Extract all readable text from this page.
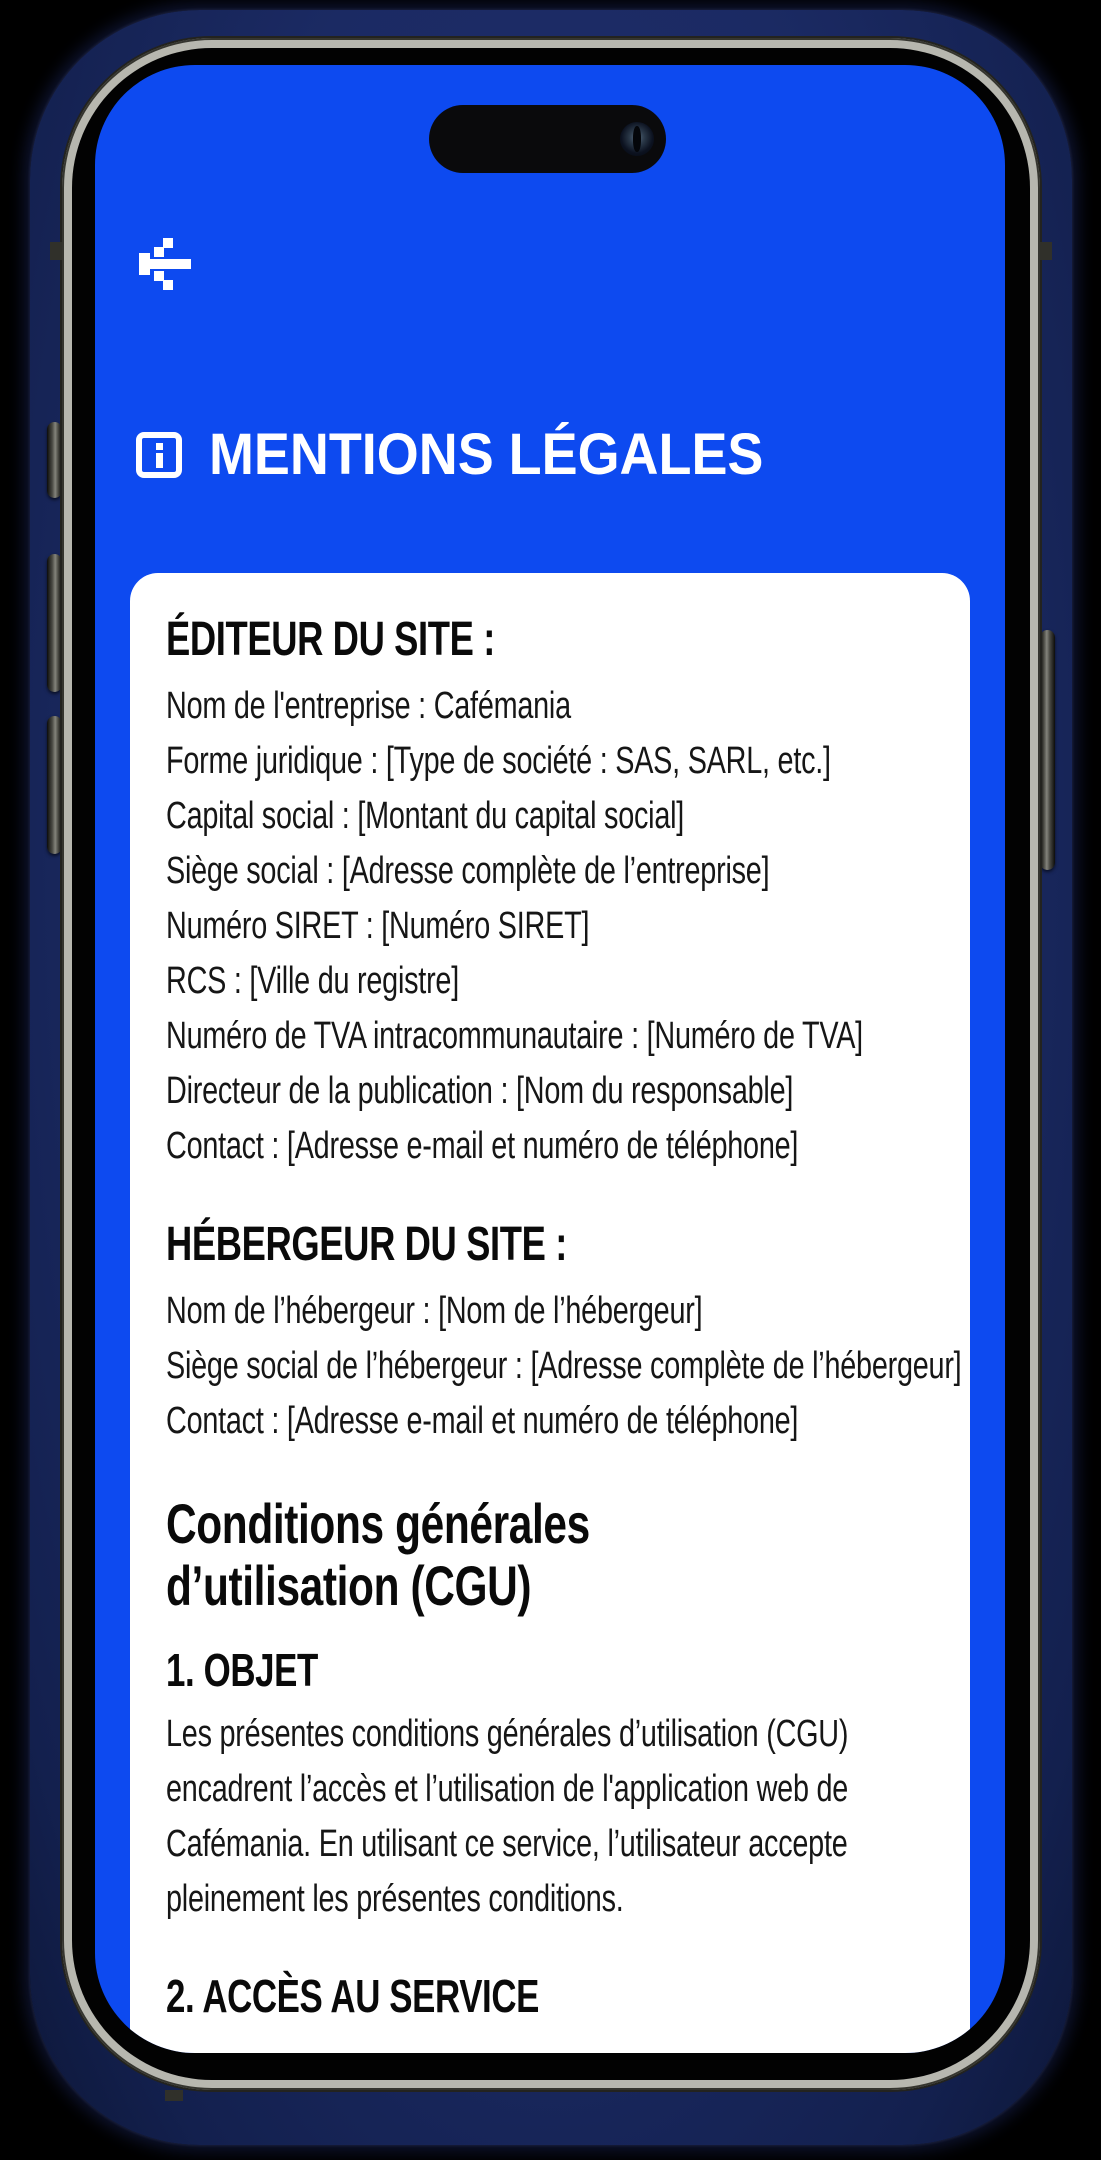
MENTIONS LÉGALES
ÉDITEUR DU SITE :

Nom de l'entreprise : Cafémania

Forme juridique : [Type de société : SAS, SARL, etc.]

Capital social : [Montant du capital social]

Siège social : [Adresse complète de l’entreprise]

Numéro SIRET : [Numéro SIRET]

RCS : [Ville du registre]

Numéro de TVA intracommunautaire : [Numéro de TVA]

Directeur de la publication : [Nom du responsable]

Contact : [Adresse e-mail et numéro de téléphone]

HÉBERGEUR DU SITE :

Nom de l’hébergeur : [Nom de l’hébergeur]

Siège social de l’hébergeur : [Adresse complète de l’hébergeur]

Contact : [Adresse e-mail et numéro de téléphone]

Conditions générales
d’utilisation (CGU)
1. OBJET

Les présentes conditions générales d’utilisation (CGU) encadrent l’accès et l’utilisation de l'application web de Cafémania. En utilisant ce service, l’utilisateur accepte pleinement les présentes conditions.

2. ACCÈS AU SERVICE
